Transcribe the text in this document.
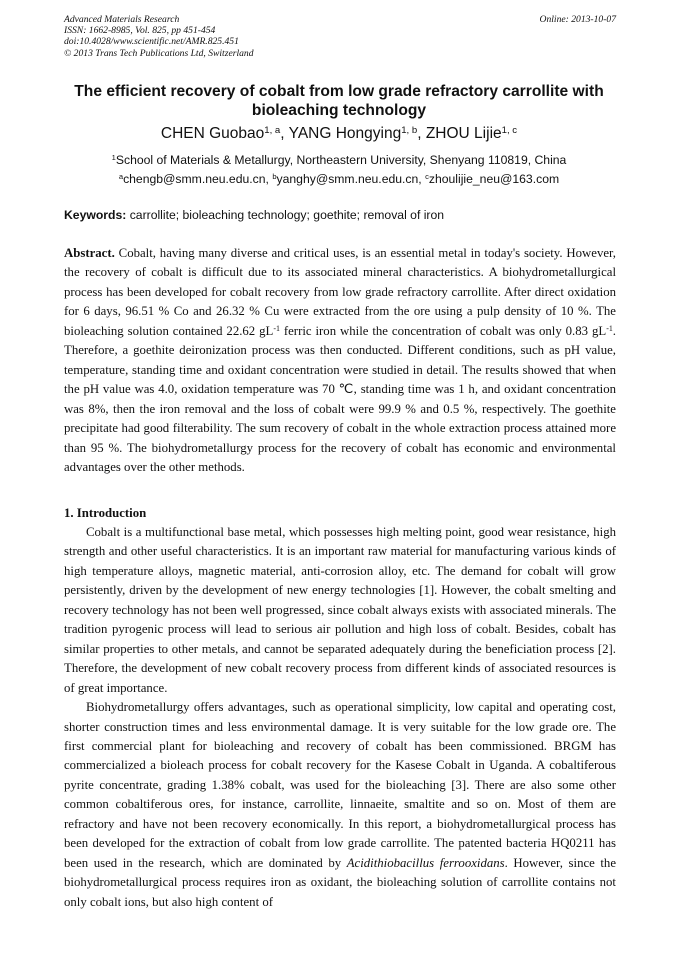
Advanced Materials Research
ISSN: 1662-8985, Vol. 825, pp 451-454
doi:10.4028/www.scientific.net/AMR.825.451
© 2013 Trans Tech Publications Ltd, Switzerland
Online: 2013-10-07
The efficient recovery of cobalt from low grade refractory carrollite with bioleaching technology
CHEN Guobao$^{1, a}$, YANG Hongying$^{1, b}$, ZHOU Lijie$^{1, c}$
$^1$School of Materials & Metallurgy, Northeastern University, Shenyang 110819, China
$^a$chengb@smm.neu.edu.cn, $^b$yanghy@smm.neu.edu.cn, $^c$zhoulijie_neu@163.com
Keywords: carrollite; bioleaching technology; goethite; removal of iron
Abstract. Cobalt, having many diverse and critical uses, is an essential metal in today's society. However, the recovery of cobalt is difficult due to its associated mineral characteristics. A biohydrometallurgical process has been developed for cobalt recovery from low grade refractory carrollite. After direct oxidation for 6 days, 96.51 % Co and 26.32 % Cu were extracted from the ore using a pulp density of 10 %. The bioleaching solution contained 22.62 $gL^{-1}$ ferric iron while the concentration of cobalt was only 0.83 $gL^{-1}$. Therefore, a goethite deironization process was then conducted. Different conditions, such as pH value, temperature, standing time and oxidant concentration were studied in detail. The results showed that when the pH value was 4.0, oxidation temperature was 70 ℃, standing time was 1 h, and oxidant concentration was 8%, then the iron removal and the loss of cobalt were 99.9 % and 0.5 %, respectively. The goethite precipitate had good filterability. The sum recovery of cobalt in the whole extraction process attained more than 95 %. The biohydrometallurgy process for the recovery of cobalt has economic and environmental advantages over the other methods.
1. Introduction

Cobalt is a multifunctional base metal, which possesses high melting point, good wear resistance, high strength and other useful characteristics. It is an important raw material for manufacturing various kinds of high temperature alloys, magnetic material, anti-corrosion alloy, etc. The demand for cobalt will grow persistently, driven by the development of new energy technologies [1]. However, the cobalt smelting and recovery technology has not been well progressed, since cobalt always exists with associated minerals. The tradition pyrogenic process will lead to serious air pollution and high loss of cobalt. Besides, cobalt has similar properties to other metals, and cannot be separated adequately during the beneficiation process [2]. Therefore, the development of new cobalt recovery process from different kinds of associated resources is of great importance.

Biohydrometallurgy offers advantages, such as operational simplicity, low capital and operating cost, shorter construction times and less environmental damage. It is very suitable for the low grade ore. The first commercial plant for bioleaching and recovery of cobalt has been commissioned. BRGM has commercialized a bioleach process for cobalt recovery for the Kasese Cobalt in Uganda. A cobaltiferous pyrite concentrate, grading 1.38% cobalt, was used for the bioleaching [3]. There are also some other common cobaltiferous ores, for instance, carrollite, linnaeite, smaltite and so on. Most of them are refractory and have not been recovery economically. In this report, a biohydrometallurgical process has been developed for the extraction of cobalt from low grade carrollite. The patented bacteria HQ0211 has been used in the research, which are dominated by Acidithiobacillus ferrooxidans. However, since the biohydrometallurgical process requires iron as oxidant, the bioleaching solution of carrollite contains not only cobalt ions, but also high content of
